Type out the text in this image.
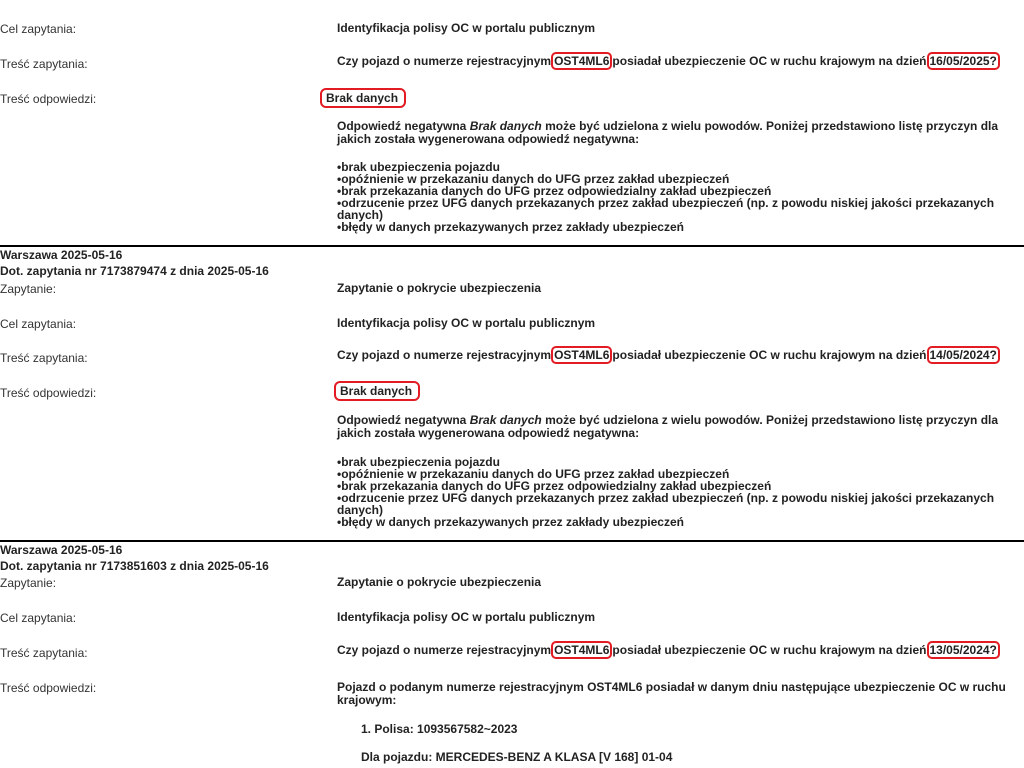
Cel zapytania:	Identyfikacja polisy OC w portalu publicznym
Treść zapytania:	Czy pojazd o numerze rejestracyjnym OST4ML6 posiadał ubezpieczenie OC w ruchu krajowym na dzień 16/05/2025?
Treść odpowiedzi:	Brak danych
Odpowiedź negatywna Brak danych może być udzielona z wielu powodów. Poniżej przedstawiono listę przyczyn dla jakich została wygenerowana odpowiedź negatywna:
• brak ubezpieczenia pojazdu
• opóźnienie w przekazaniu danych do UFG przez zakład ubezpieczeń
• brak przekazania danych do UFG przez odpowiedzialny zakład ubezpieczeń
• odrzucenie przez UFG danych przekazanych przez zakład ubezpieczeń (np. z powodu niskiej jakości przekazanych danych)
• błędy w danych przekazywanych przez zakłady ubezpieczeń
Warszawa 2025-05-16
Dot. zapytania nr 7173879474 z dnia 2025-05-16
Zapytanie:	Zapytanie o pokrycie ubezpieczenia
Cel zapytania:	Identyfikacja polisy OC w portalu publicznym
Treść zapytania:	Czy pojazd o numerze rejestracyjnym OST4ML6 posiadał ubezpieczenie OC w ruchu krajowym na dzień 14/05/2024?
Treść odpowiedzi:	Brak danych
Odpowiedź negatywna Brak danych może być udzielona z wielu powodów. Poniżej przedstawiono listę przyczyn dla jakich została wygenerowana odpowiedź negatywna:
• brak ubezpieczenia pojazdu
• opóźnienie w przekazaniu danych do UFG przez zakład ubezpieczeń
• brak przekazania danych do UFG przez odpowiedzialny zakład ubezpieczeń
• odrzucenie przez UFG danych przekazanych przez zakład ubezpieczeń (np. z powodu niskiej jakości przekazanych danych)
• błędy w danych przekazywanych przez zakłady ubezpieczeń
Warszawa 2025-05-16
Dot. zapytania nr 7173851603 z dnia 2025-05-16
Zapytanie:	Zapytanie o pokrycie ubezpieczenia
Cel zapytania:	Identyfikacja polisy OC w portalu publicznym
Treść zapytania:	Czy pojazd o numerze rejestracyjnym OST4ML6 posiadał ubezpieczenie OC w ruchu krajowym na dzień 13/05/2024?
Treść odpowiedzi:	Pojazd o podanym numerze rejestracyjnym OST4ML6 posiadał w danym dniu następujące ubezpieczenie OC w ruchu krajowym:
1. Polisa: 1093567582~2023
Dla pojazdu: MERCEDES-BENZ A KLASA [V 168] 01-04
